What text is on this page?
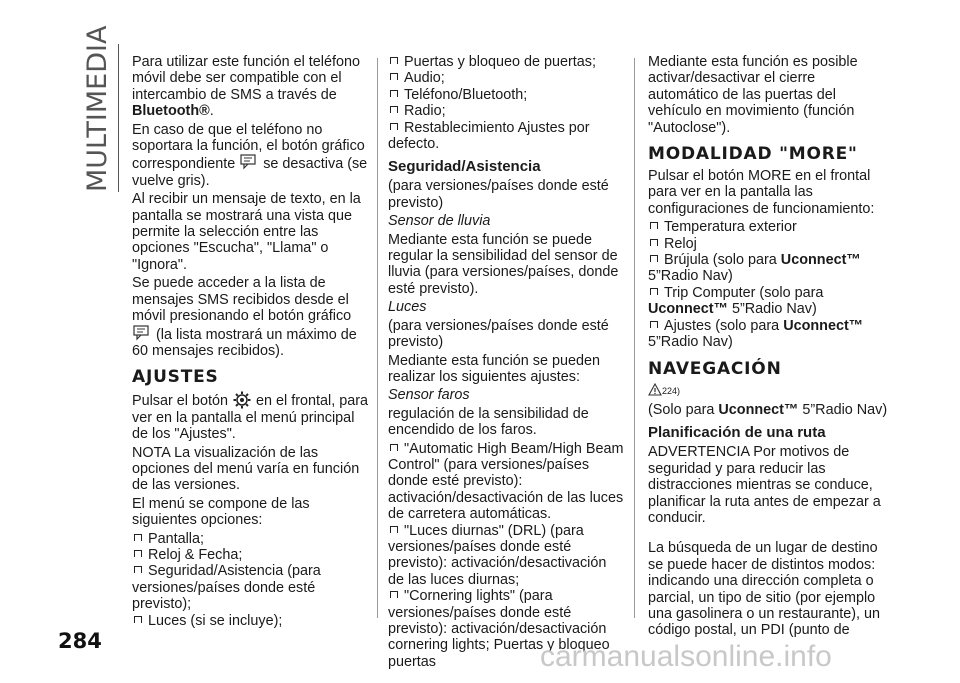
MULTIMEDIA	Para utilizar este función el teléfono móvil debe ser compatible con el intercambio de SMS a través de Bluetooth®.

En caso de que el teléfono no soportara la función, el botón gráfico correspondiente se desactiva (se vuelve gris).

Al recibir un mensaje de texto, en la pantalla se mostrará una vista que permite la selección entre las opciones "Escucha", "Llama" o "Ignora".

Se puede acceder a la lista de mensajes SMS recibidos desde el móvil presionando el botón gráfico  (la lista mostrará un máximo de 60 mensajes recibidos).

AJUSTES

Pulsar el botón en el frontal, para ver en la pantalla el menú principal de los "Ajustes".

NOTA La visualización de las opciones del menú varía en función de las versiones.

El menú se compone de las siguientes opciones:

Pantalla;
Reloj & Fecha;
Seguridad/Asistencia (para versiones/países donde esté previsto);
Luces (si se incluye);
Puertas y bloqueo de puertas;
Audio;
Teléfono/Bluetooth;
Radio;
Restablecimiento Ajustes por defecto.
Seguridad/Asistencia

(para versiones/países donde esté previsto)

Sensor de lluvia

Mediante esta función se puede regular la sensibilidad del sensor de lluvia (para versiones/países, donde esté previsto).

Luces

(para versiones/países donde esté previsto)

Mediante esta función se pueden realizar los siguientes ajustes:

Sensor faros

regulación de la sensibilidad de encendido de los faros.

"Automatic High Beam/High Beam Control" (para versiones/países donde esté previsto): activación/desactivación de las luces de carretera automáticas.
"Luces diurnas" (DRL) (para versiones/países donde esté previsto): activación/desactivación de las luces diurnas;
"Cornering lights" (para versiones/países donde esté previsto): activación/desactivación cornering lights; Puertas y bloqueo puertas

Mediante esta función es posible activar/desactivar el cierre automático de las puertas del vehículo en movimiento (función "Autoclose").

MODALIDAD "MORE"

Pulsar el botón MORE en el frontal para ver en la pantalla las configuraciones de funcionamiento:

Temperatura exterior
Reloj
Brújula (solo para Uconnect™ 5”Radio Nav)
Trip Computer (solo para Uconnect™ 5”Radio Nav)
Ajustes (solo para Uconnect™ 5”Radio Nav)
NAVEGACIÓN

$^{224)}$

(Solo para Uconnect™ 5”Radio Nav)

Planificación de una ruta

ADVERTENCIA Por motivos de seguridad y para reducir las distracciones mientras se conduce, planificar la ruta antes de empezar a conducir.

La búsqueda de un lugar de destino se puede hacer de distintos modos: indicando una dirección completa o parcial, un tipo de sitio (por ejemplo una gasolinera o un restaurante), un código postal, un PDI (punto de

284	carmanualsonline.info
